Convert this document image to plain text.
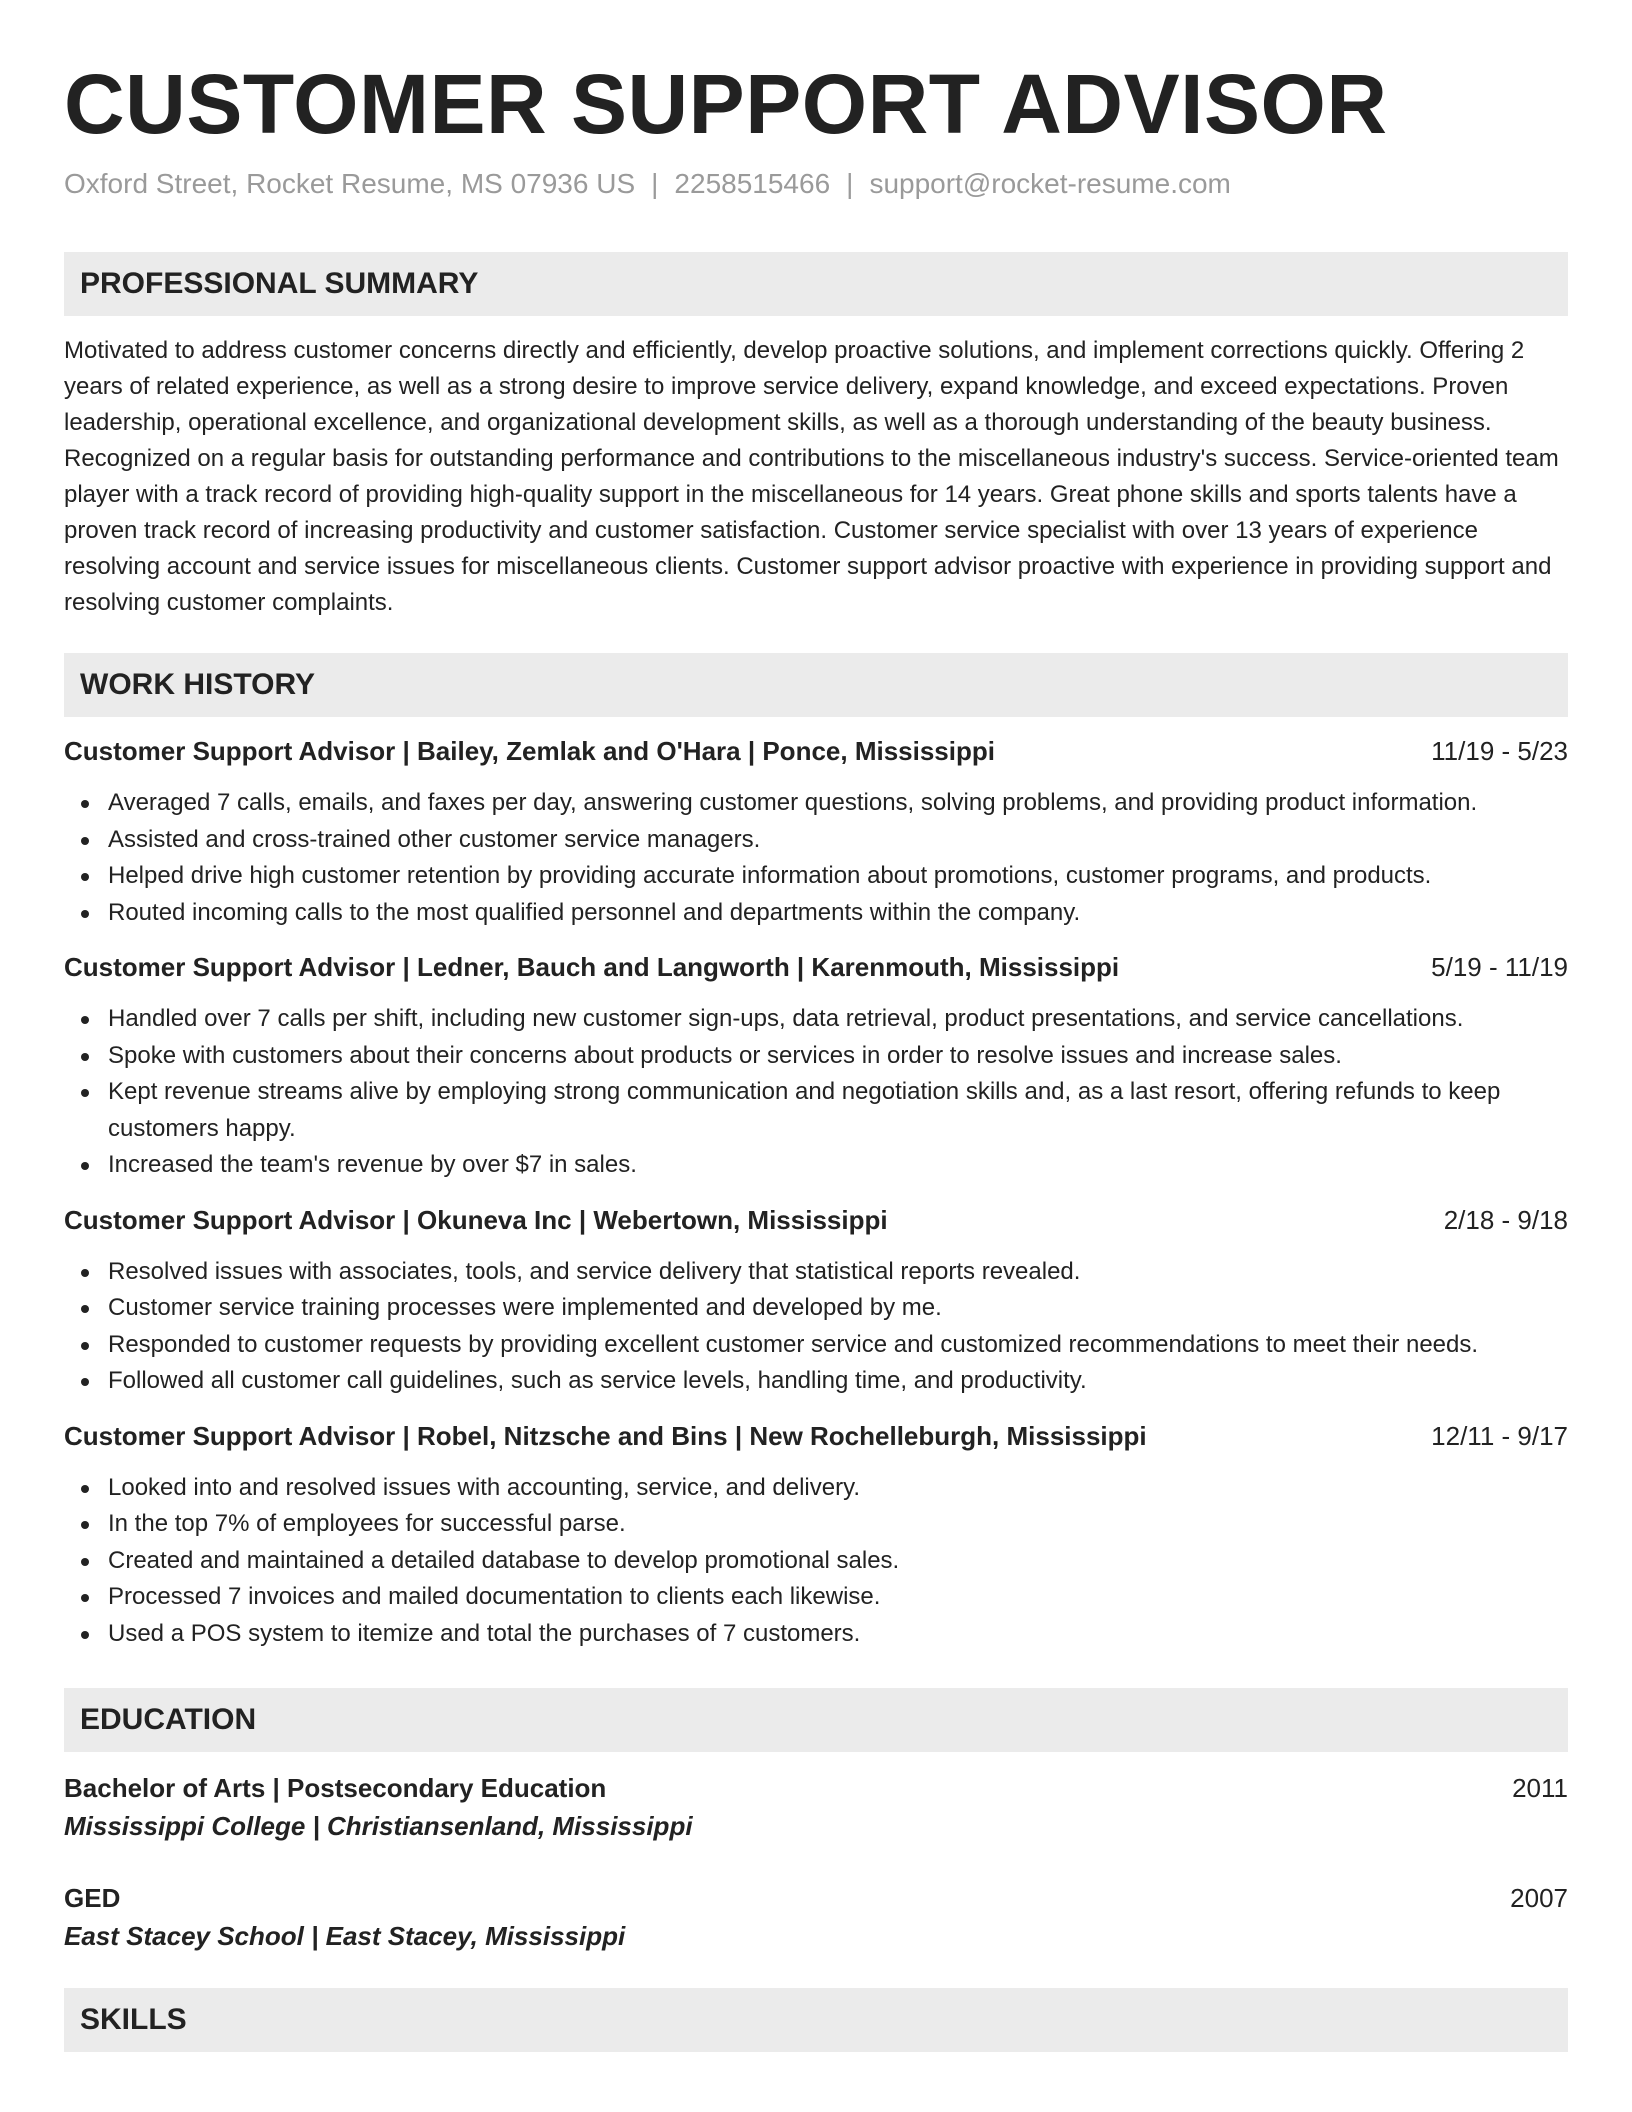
CUSTOMER SUPPORT ADVISOR
Oxford Street, Rocket Resume, MS 07936 US | 2258515466 | support@rocket-resume.com
PROFESSIONAL SUMMARY
Motivated to address customer concerns directly and efficiently, develop proactive solutions, and implement corrections quickly. Offering 2 years of related experience, as well as a strong desire to improve service delivery, expand knowledge, and exceed expectations. Proven leadership, operational excellence, and organizational development skills, as well as a thorough understanding of the beauty business. Recognized on a regular basis for outstanding performance and contributions to the miscellaneous industry's success. Service-oriented team player with a track record of providing high-quality support in the miscellaneous for 14 years. Great phone skills and sports talents have a proven track record of increasing productivity and customer satisfaction. Customer service specialist with over 13 years of experience resolving account and service issues for miscellaneous clients. Customer support advisor proactive with experience in providing support and resolving customer complaints.
WORK HISTORY
Customer Support Advisor | Bailey, Zemlak and O'Hara | Ponce, Mississippi	11/19 - 5/23
Averaged 7 calls, emails, and faxes per day, answering customer questions, solving problems, and providing product information.
Assisted and cross-trained other customer service managers.
Helped drive high customer retention by providing accurate information about promotions, customer programs, and products.
Routed incoming calls to the most qualified personnel and departments within the company.
Customer Support Advisor | Ledner, Bauch and Langworth | Karenmouth, Mississippi	5/19 - 11/19
Handled over 7 calls per shift, including new customer sign-ups, data retrieval, product presentations, and service cancellations.
Spoke with customers about their concerns about products or services in order to resolve issues and increase sales.
Kept revenue streams alive by employing strong communication and negotiation skills and, as a last resort, offering refunds to keep customers happy.
Increased the team's revenue by over $7 in sales.
Customer Support Advisor | Okuneva Inc | Webertown, Mississippi	2/18 - 9/18
Resolved issues with associates, tools, and service delivery that statistical reports revealed.
Customer service training processes were implemented and developed by me.
Responded to customer requests by providing excellent customer service and customized recommendations to meet their needs.
Followed all customer call guidelines, such as service levels, handling time, and productivity.
Customer Support Advisor | Robel, Nitzsche and Bins | New Rochelleburgh, Mississippi	12/11 - 9/17
Looked into and resolved issues with accounting, service, and delivery.
In the top 7% of employees for successful parse.
Created and maintained a detailed database to develop promotional sales.
Processed 7 invoices and mailed documentation to clients each likewise.
Used a POS system to itemize and total the purchases of 7 customers.
EDUCATION
Bachelor of Arts | Postsecondary Education	2011
Mississippi College | Christiansenland, Mississippi
GED	2007
East Stacey School | East Stacey, Mississippi
SKILLS
